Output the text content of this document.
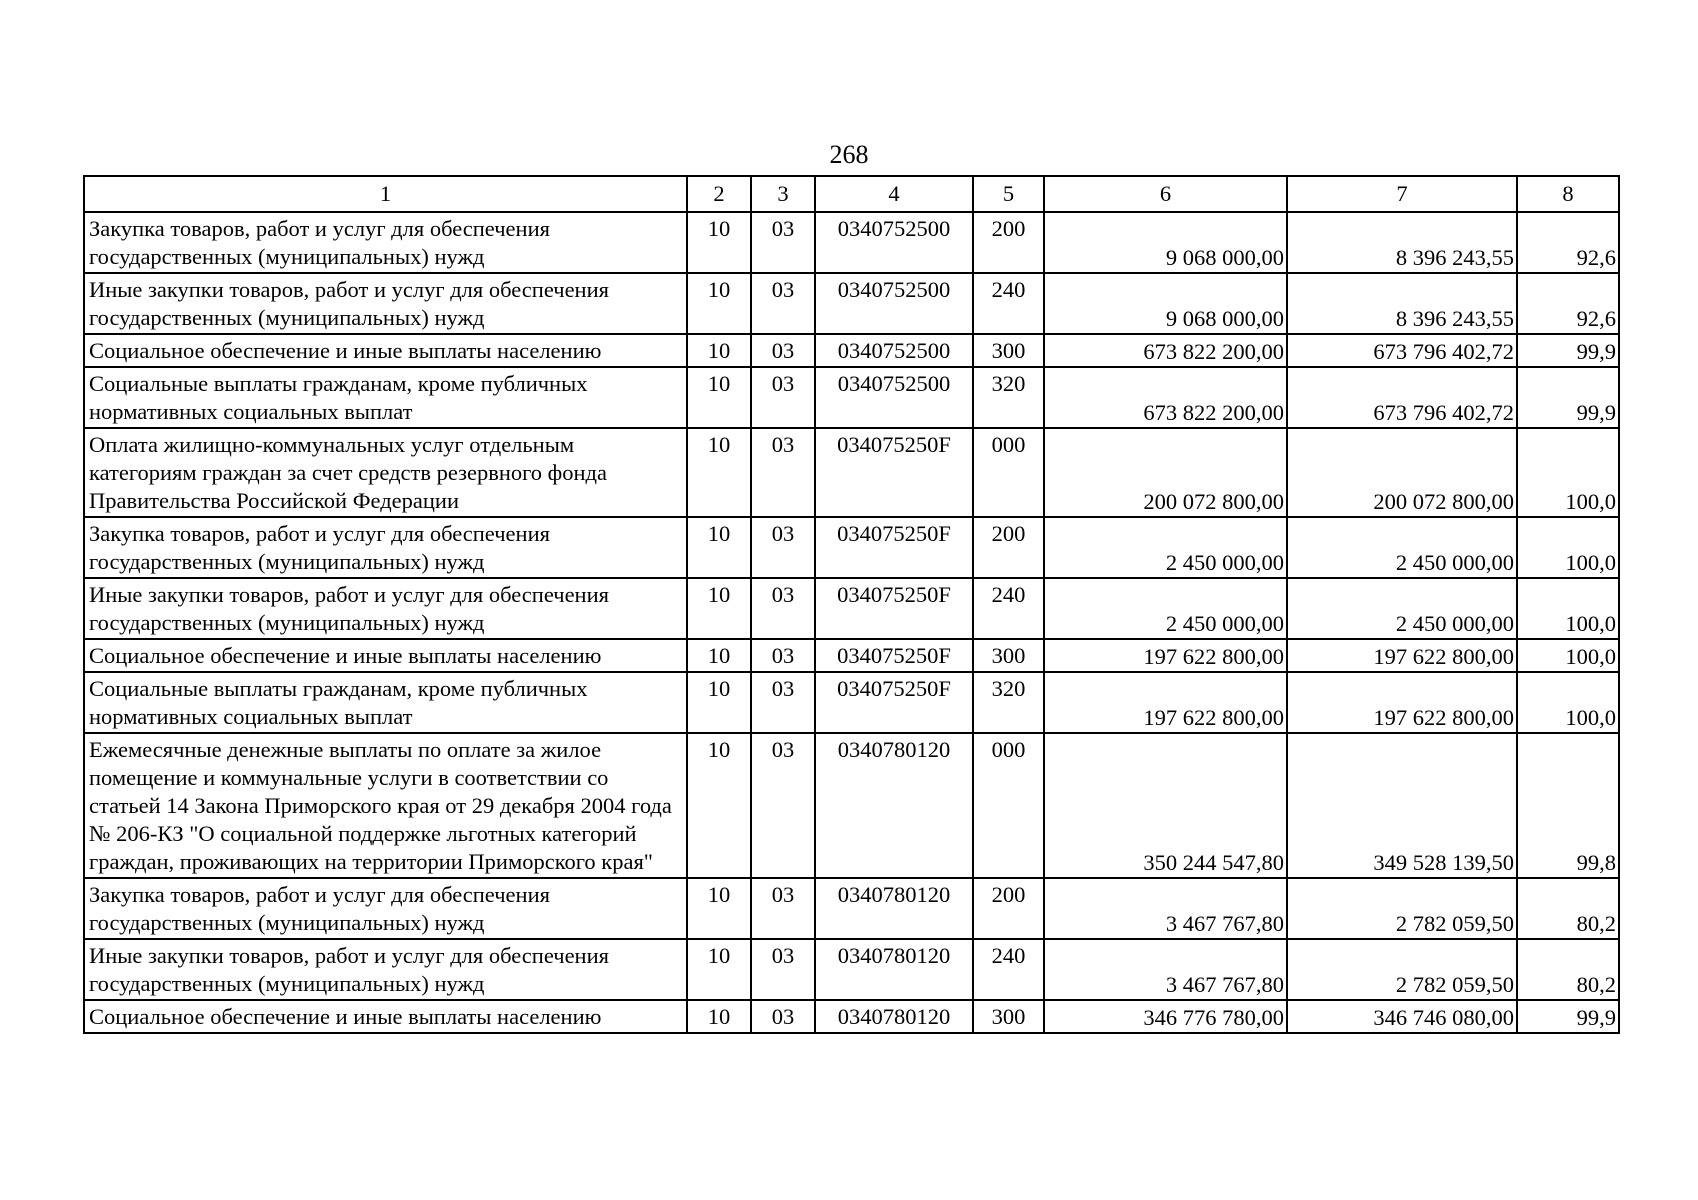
268
1	2	3	4	5	6	7	8
Закупка товаров, работ и услуг для обеспечения государственных (муниципальных) нужд	10	03	0340752500	200	9 068 000,00	8 396 243,55	92,6
Иные закупки товаров, работ и услуг для обеспечения государственных (муниципальных) нужд	10	03	0340752500	240	9 068 000,00	8 396 243,55	92,6
Социальное обеспечение и иные выплаты населению	10	03	0340752500	300	673 822 200,00	673 796 402,72	99,9
Социальные выплаты гражданам, кроме публичных нормативных социальных выплат	10	03	0340752500	320	673 822 200,00	673 796 402,72	99,9
Оплата жилищно-коммунальных услуг отдельным категориям граждан за счет средств резервного фонда Правительства Российской Федерации	10	03	034075250F	000	200 072 800,00	200 072 800,00	100,0
Закупка товаров, работ и услуг для обеспечения государственных (муниципальных) нужд	10	03	034075250F	200	2 450 000,00	2 450 000,00	100,0
Иные закупки товаров, работ и услуг для обеспечения государственных (муниципальных) нужд	10	03	034075250F	240	2 450 000,00	2 450 000,00	100,0
Социальное обеспечение и иные выплаты населению	10	03	034075250F	300	197 622 800,00	197 622 800,00	100,0
Социальные выплаты гражданам, кроме публичных нормативных социальных выплат	10	03	034075250F	320	197 622 800,00	197 622 800,00	100,0
Ежемесячные денежные выплаты по оплате за жилое помещение и коммунальные услуги в соответствии со статьей 14 Закона Приморского края от 29 декабря 2004 года № 206-КЗ "О социальной поддержке льготных категорий граждан, проживающих на территории Приморского края"	10	03	0340780120	000	350 244 547,80	349 528 139,50	99,8
Закупка товаров, работ и услуг для обеспечения государственных (муниципальных) нужд	10	03	0340780120	200	3 467 767,80	2 782 059,50	80,2
Иные закупки товаров, работ и услуг для обеспечения государственных (муниципальных) нужд	10	03	0340780120	240	3 467 767,80	2 782 059,50	80,2
Социальное обеспечение и иные выплаты населению	10	03	0340780120	300	346 776 780,00	346 746 080,00	99,9
